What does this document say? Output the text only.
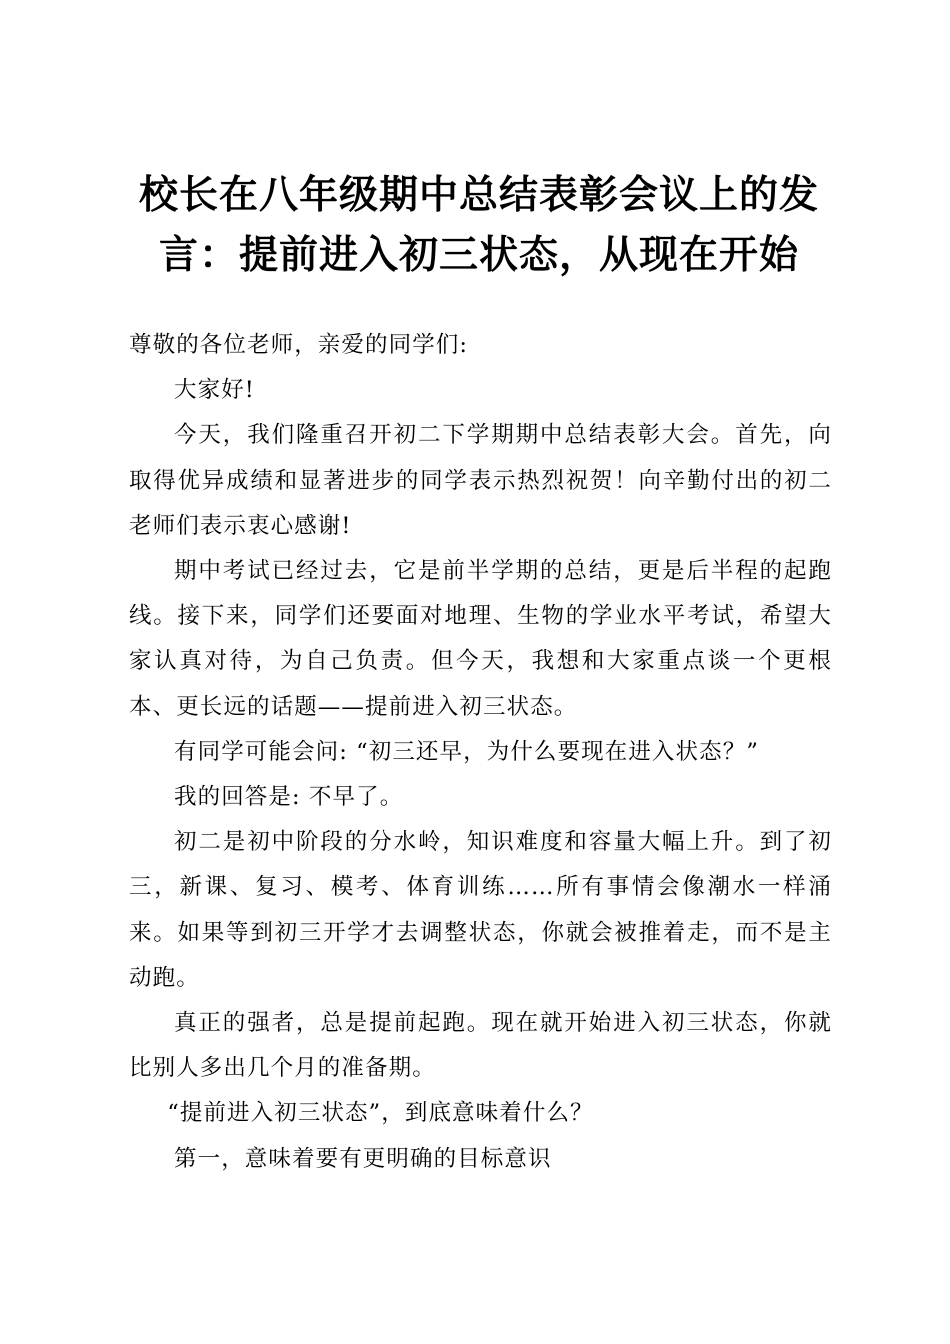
校长在八年级期中总结表彰会议上的发言：提前进入初三状态，从现在开始

尊敬的各位老师，亲爱的同学们:

大家好!

今天，我们隆重召开初二下学期期中总结表彰大会。首先，向取得优异成绩和显著进步的同学表示热烈祝贺！向辛勤付出的初二老师们表示衷心感谢!

期中考试已经过去，它是前半学期的总结，更是后半程的起跑线。接下来，同学们还要面对地理、生物的学业水平考试，希望大家认真对待，为自己负责。但今天，我想和大家重点谈一个更根本、更长远的话题——提前进入初三状态。

有同学可能会问: “初三还早，为什么要现在进入状态？”

我的回答是: 不早了。

初二是初中阶段的分水岭，知识难度和容量大幅上升。到了初三，新课、复习、模考、体育训练……所有事情会像潮水一样涌来。如果等到初三开学才去调整状态，你就会被推着走，而不是主动跑。

真正的强者，总是提前起跑。现在就开始进入初三状态，你就比别人多出几个月的准备期。

“提前进入初三状态”，到底意味着什么？

第一，意味着要有更明确的目标意识
